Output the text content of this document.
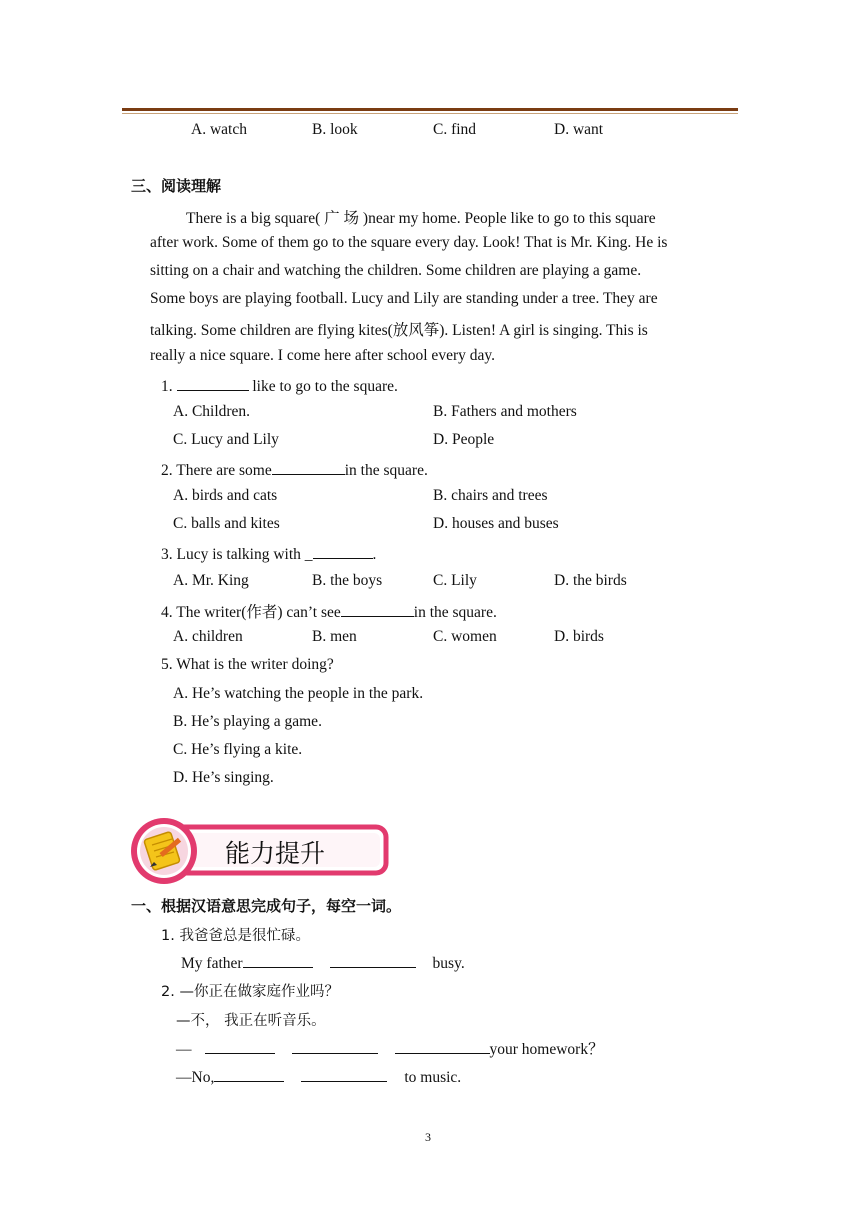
A. watch	B. look	C. find	D. want
三、阅读理解
There is a big square( 广 场 )near my home. People like to go to this square
after work. Some of them go to the square every day. Look! That is Mr. King. He is
sitting on a chair and watching the children. Some children are playing a game.
Some boys are playing football. Lucy and Lily are standing under a tree. They are
talking. Some children are flying kites(放风筝). Listen! A girl is singing. This is
really a nice square. I come here after school every day.
1.	like to go to the square.
A. Children.	B. Fathers and mothers
C. Lucy and Lily	D. People
2. There are some	in the square.
A. birds and cats	B. chairs and trees
C. balls and kites	D. houses and buses
3. Lucy is talking with _	.
A. Mr. King	B. the boys	C. Lily	D. the birds
4. The writer(作者) can’t see	in the square.
A. children	B. men	C. women	D. birds
5. What is the writer doing?
A. He’s watching the people in the park.
B. He’s playing a game.
C. He’s flying a kite.
D. He’s singing.
能力提升
一、根据汉语意思完成句子，每空一词。
1. 我爸爸总是很忙碌。
My father	busy.
2. —你正在做家庭作业吗？
—不， 我正在听音乐。
—	your homework？
—No,	to music.
3
